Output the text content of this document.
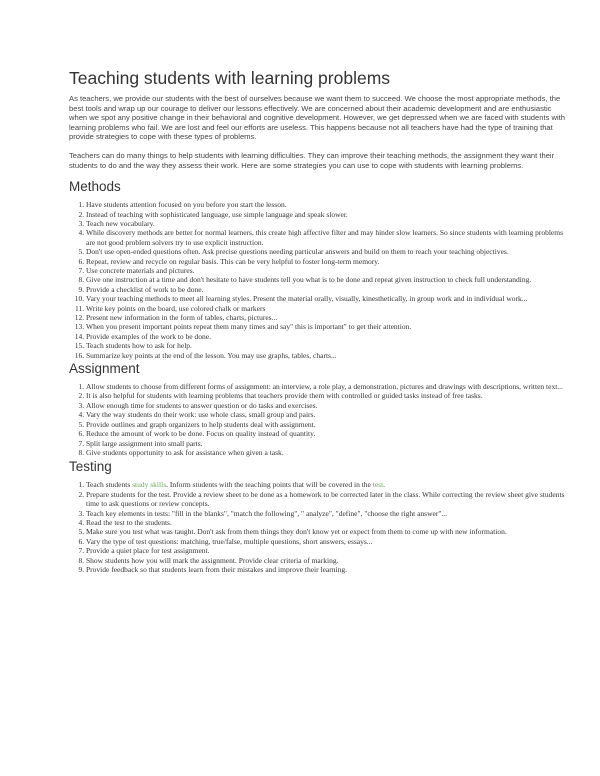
Teaching students with learning problems

As teachers, we provide our students with the best of ourselves because we want them to succeed. We choose the most appropriate methods, the best tools and wrap up our courage to deliver our lessons effectively. We are concerned about their academic development and are enthusiastic when we spot any positive change in their behavioral and cognitive development. However, we get depressed when we are faced with students with learning problems who fail. We are lost and feel our efforts are useless. This happens because not all teachers have had the type of training that provide strategies to cope with these types of problems.

Teachers can do many things to help students with learning difficulties. They can improve their teaching methods, the assignment they want their students to do and the way they assess their work. Here are some strategies you can use to cope with students with learning problems.

Methods
1. Have students attention focused on you before you start the lesson.
2. Instead of teaching with sophisticated language, use simple language and speak slower.
3. Teach new vocabulary.
4. While discovery methods are better for normal learners, this create high affective filter and may hinder slow learners. So since students with learning problems are not good problem solvers try to use explicit instruction.
5. Don't use open-ended questions often. Ask precise questions needing particular answers and build on them to reach your teaching objectives.
6. Repeat, review and recycle on regular basis. This can be very helpful to foster long-term memory.
7. Use concrete materials and pictures.
8. Give one instruction at a time and don't hesitate to have students tell you what is to be done and repeat given instruction to check full understanding.
9. Provide a checklist of work to be done.
10. Vary your teaching methods to meet all learning styles. Present the material orally, visually, kinesthetically, in group work and in individual work...
11. Write key points on the board, use colored chalk or markers
12. Present new information in the form of tables, charts, pictures...
13. When you present important points repeat them many times and say" this is important" to get their attention.
14. Provide examples of the work to be done.
15. Teach students how to ask for help.
16. Summarize key points at the end of the lesson. You may use graphs, tables, charts...
Assignment
1. Allow students to choose from different forms of assignment: an interview, a role play, a demonstration, pictures and drawings with descriptions, written text...
2. It is also helpful for students with learning problems that teachers provide them with controlled or guided tasks instead of free tasks.
3. Allow enough time for students to answer question or do tasks and exercises.
4. Vary the way students do their work: use whole class, small group and pairs.
5. Provide outlines and graph organizers to help students deal with assignment.
6. Reduce the amount of work to be done. Focus on quality instead of quantity.
7. Split large assignment into small parts.
8. Give students opportunity to ask for assistance when given a task.
Testing
1. Teach students study skills. Inform students with the teaching points that will be covered in the test.
2. Prepare students for the test. Provide a review sheet to be done as a homework to be corrected later in the class. While correcting the review sheet give students time to ask questions or review concepts.
3. Teach key elements in tests: "fill in the blanks", "match the following", " analyze", "define", "choose the right answer"...
4. Read the test to the students.
5. Make sure you test what was taught. Don't ask from them things they don't know yet or expect from them to come up with new information.
6. Vary the type of test questions: matching, true/false, multiple questions, short answers, essays...
7. Provide a quiet place for test assignment.
8. Show students how you will mark the assignment. Provide clear criteria of marking.
9. Provide feedback so that students learn from their mistakes and improve their learning.
